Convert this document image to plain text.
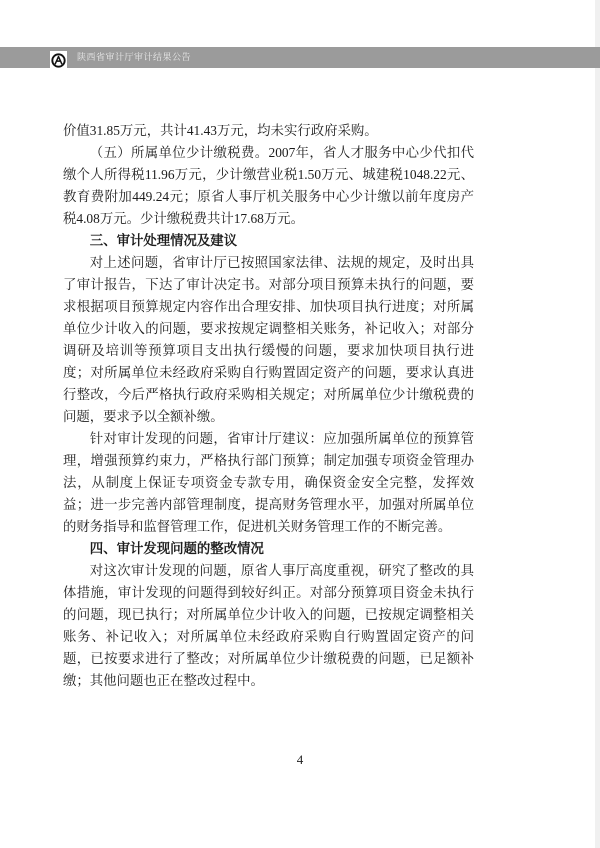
陕西省审计厅审计结果公告

价值31.85万元，共计41.43万元，均未实行政府采购。

（五）所属单位少计缴税费。2007年，省人才服务中心少代扣代缴个人所得税11.96万元，少计缴营业税1.50万元、城建税1048.22元、教育费附加449.24元；原省人事厅机关服务中心少计缴以前年度房产税4.08万元。少计缴税费共计17.68万元。

三、审计处理情况及建议

对上述问题，省审计厅已按照国家法律、法规的规定，及时出具了审计报告，下达了审计决定书。对部分项目预算未执行的问题，要求根据项目预算规定内容作出合理安排、加快项目执行进度；对所属单位少计收入的问题，要求按规定调整相关账务，补记收入；对部分调研及培训等预算项目支出执行缓慢的问题，要求加快项目执行进度；对所属单位未经政府采购自行购置固定资产的问题，要求认真进行整改，今后严格执行政府采购相关规定；对所属单位少计缴税费的问题，要求予以全额补缴。

针对审计发现的问题，省审计厅建议：应加强所属单位的预算管理，增强预算约束力，严格执行部门预算；制定加强专项资金管理办法，从制度上保证专项资金专款专用，确保资金安全完整，发挥效益；进一步完善内部管理制度，提高财务管理水平，加强对所属单位的财务指导和监督管理工作，促进机关财务管理工作的不断完善。

四、审计发现问题的整改情况

对这次审计发现的问题，原省人事厅高度重视，研究了整改的具体措施，审计发现的问题得到较好纠正。对部分预算项目资金未执行的问题，现已执行；对所属单位少计收入的问题，已按规定调整相关账务、补记收入；对所属单位未经政府采购自行购置固定资产的问题，已按要求进行了整改；对所属单位少计缴税费的问题，已足额补缴；其他问题也正在整改过程中。

4
